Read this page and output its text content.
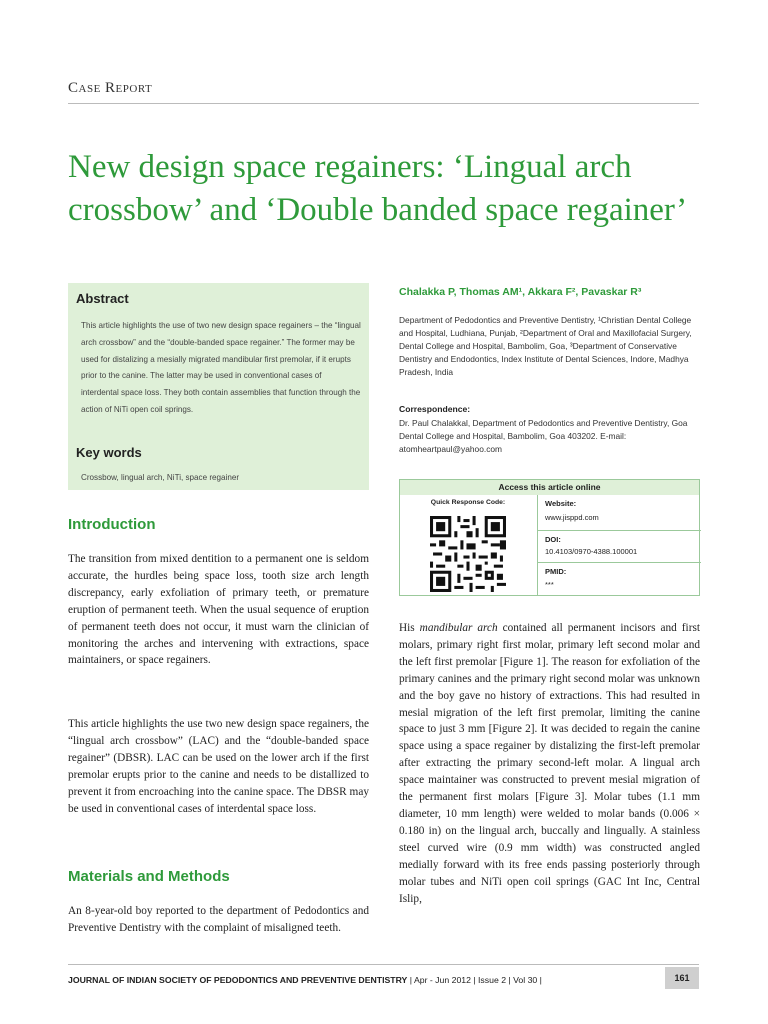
Case Report
New design space regainers: ‘Lingual arch crossbow’ and ‘Double banded space regainer’
Abstract
This article highlights the use of two new design space regainers – the “lingual arch crossbow” and the “double-banded space regainer.” The former may be used for distalizing a mesially migrated mandibular first premolar, if it erupts prior to the canine. The latter may be used in conventional cases of interdental space loss. They both contain assemblies that function through the action of NiTi open coil springs.
Key words
Crossbow, lingual arch, NiTi, space regainer
Chalakka P, Thomas AM¹, Akkara F², Pavaskar R³
Department of Pedodontics and Preventive Dentistry, ¹Christian Dental College and Hospital, Ludhiana, Punjab, ²Department of Oral and Maxillofacial Surgery, Dental College and Hospital, Bambolim, Goa, ³Department of Conservative Dentistry and Endodontics, Index Institute of Dental Sciences, Indore, Madhya Pradesh, India
Correspondence:
Dr. Paul Chalakkal, Department of Pedodontics and Preventive Dentistry, Goa Dental College and Hospital, Bambolim, Goa 403202. E-mail: atomheartpaul@yahoo.com
Access this article online
Quick Response Code:	Website:
www.jisppd.com
DOI:
10.4103/0970-4388.100001
PMID:
***
Introduction
The transition from mixed dentition to a permanent one is seldom accurate, the hurdles being space loss, tooth size arch length discrepancy, early exfoliation of primary teeth, or premature eruption of permanent teeth. When the usual sequence of eruption of permanent teeth does not occur, it must warn the clinician of monitoring the arches and intervening with extractions, space maintainers, or space regainers.
This article highlights the use two new design space regainers, the “lingual arch crossbow” (LAC) and the “double-banded space regainer” (DBSR). LAC can be used on the lower arch if the first premolar erupts prior to the canine and needs to be distallized to prevent it from encroaching into the canine space. The DBSR may be used in conventional cases of interdental space loss.
Materials and Methods
An 8-year-old boy reported to the department of Pedodontics and Preventive Dentistry with the complaint of misaligned teeth.
His mandibular arch contained all permanent incisors and first molars, primary right first molar, primary left second molar and the left first premolar [Figure 1]. The reason for exfoliation of the primary canines and the primary right second molar was unknown and the boy gave no history of extractions. This had resulted in mesial migration of the left first premolar, limiting the canine space to just 3 mm [Figure 2]. It was decided to regain the canine space using a space regainer by distalizing the first-left premolar after extracting the primary second-left molar. A lingual arch space maintainer was constructed to prevent mesial migration of the permanent first molars [Figure 3]. Molar tubes (1.1 mm diameter, 10 mm length) were welded to molar bands (0.006 × 0.180 in) on the lingual arch, buccally and lingually. A stainless steel curved wire (0.9 mm width) was constructed angled medially forward with its free ends passing posteriorly through molar tubes and NiTi open coil springs (GAC Int Inc, Central Islip,
JOURNAL OF INDIAN SOCIETY OF PEDODONTICS AND PREVENTIVE DENTISTRY | Apr - Jun 2012 | Issue 2 | Vol 30 |	161
